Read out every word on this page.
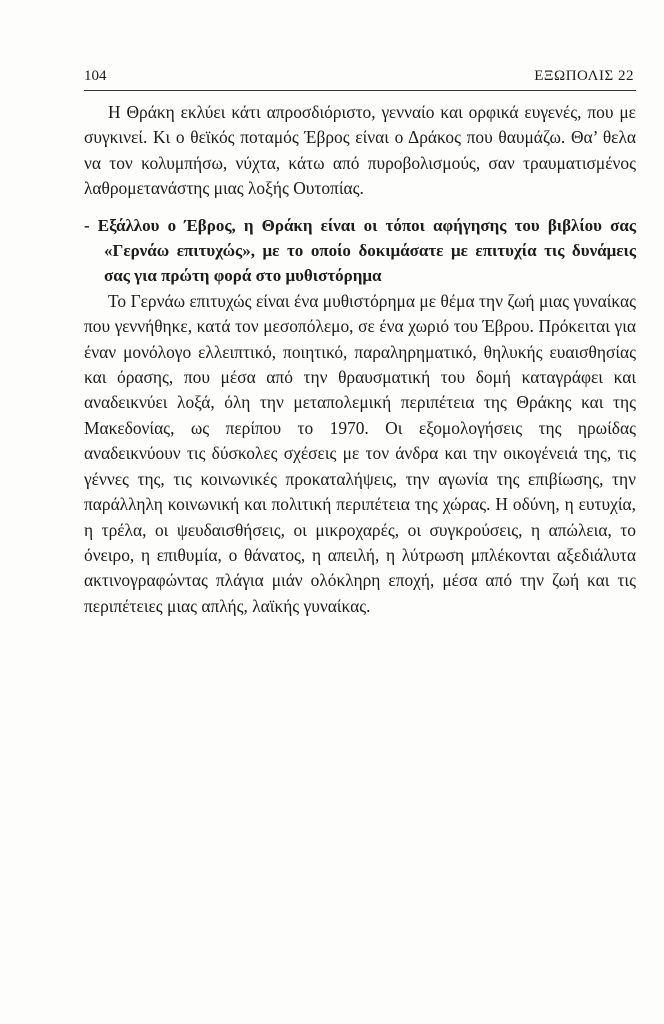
104	ΕΞΩΠΟΛΙΣ 22

Η Θράκη εκλύει κάτι απροσδιόριστο, γενναίο και ορφικά ευγενές, που με συγκινεί. Κι ο θεϊκός ποταμός Έβρος είναι ο Δράκος που θαυμάζω. Θα’ θελα να τον κολυμπήσω, νύχτα, κάτω από πυροβολισμούς, σαν τραυματισμένος λαθρομετανάστης μιας λοξής Ουτοπίας.

- Εξάλλου ο Έβρος, η Θράκη είναι οι τόποι αφήγησης του βιβλίου σας «Γερνάω επιτυχώς», με το οποίο δοκιμάσατε με επιτυχία τις δυνάμεις σας για πρώτη φορά στο μυθιστόρημα

Το Γερνάω επιτυχώς είναι ένα μυθιστόρημα με θέμα την ζωή μιας γυναίκας που γεννήθηκε, κατά τον μεσοπόλεμο, σε ένα χωριό του Έβρου. Πρόκειται για έναν μονόλογο ελλειπτικό, ποιητικό, παραληρηματικό, θηλυκής ευαισθησίας και όρασης, που μέσα από την θραυσματική του δομή καταγράφει και αναδεικνύει λοξά, όλη την μεταπολεμική περιπέτεια της Θράκης και της Μακεδονίας, ως περίπου το 1970. Οι εξομολογήσεις της ηρωίδας αναδεικνύουν τις δύσκολες σχέσεις με τον άνδρα και την οικογένειά της, τις γέννες της, τις κοινωνικές προκαταλήψεις, την αγωνία της επιβίωσης, την παράλληλη κοινωνική και πολιτική περιπέτεια της χώρας. Η οδύνη, η ευτυχία, η τρέλα, οι ψευδαισθήσεις, οι μικροχαρές, οι συγκρούσεις, η απώλεια, το όνειρο, η επιθυμία, ο θάνατος, η απειλή, η λύτρωση μπλέκονται αξεδιάλυτα ακτινογραφώντας πλάγια μιάν ολόκληρη εποχή, μέσα από την ζωή και τις περιπέτειες μιας απλής, λαϊκής γυναίκας.
